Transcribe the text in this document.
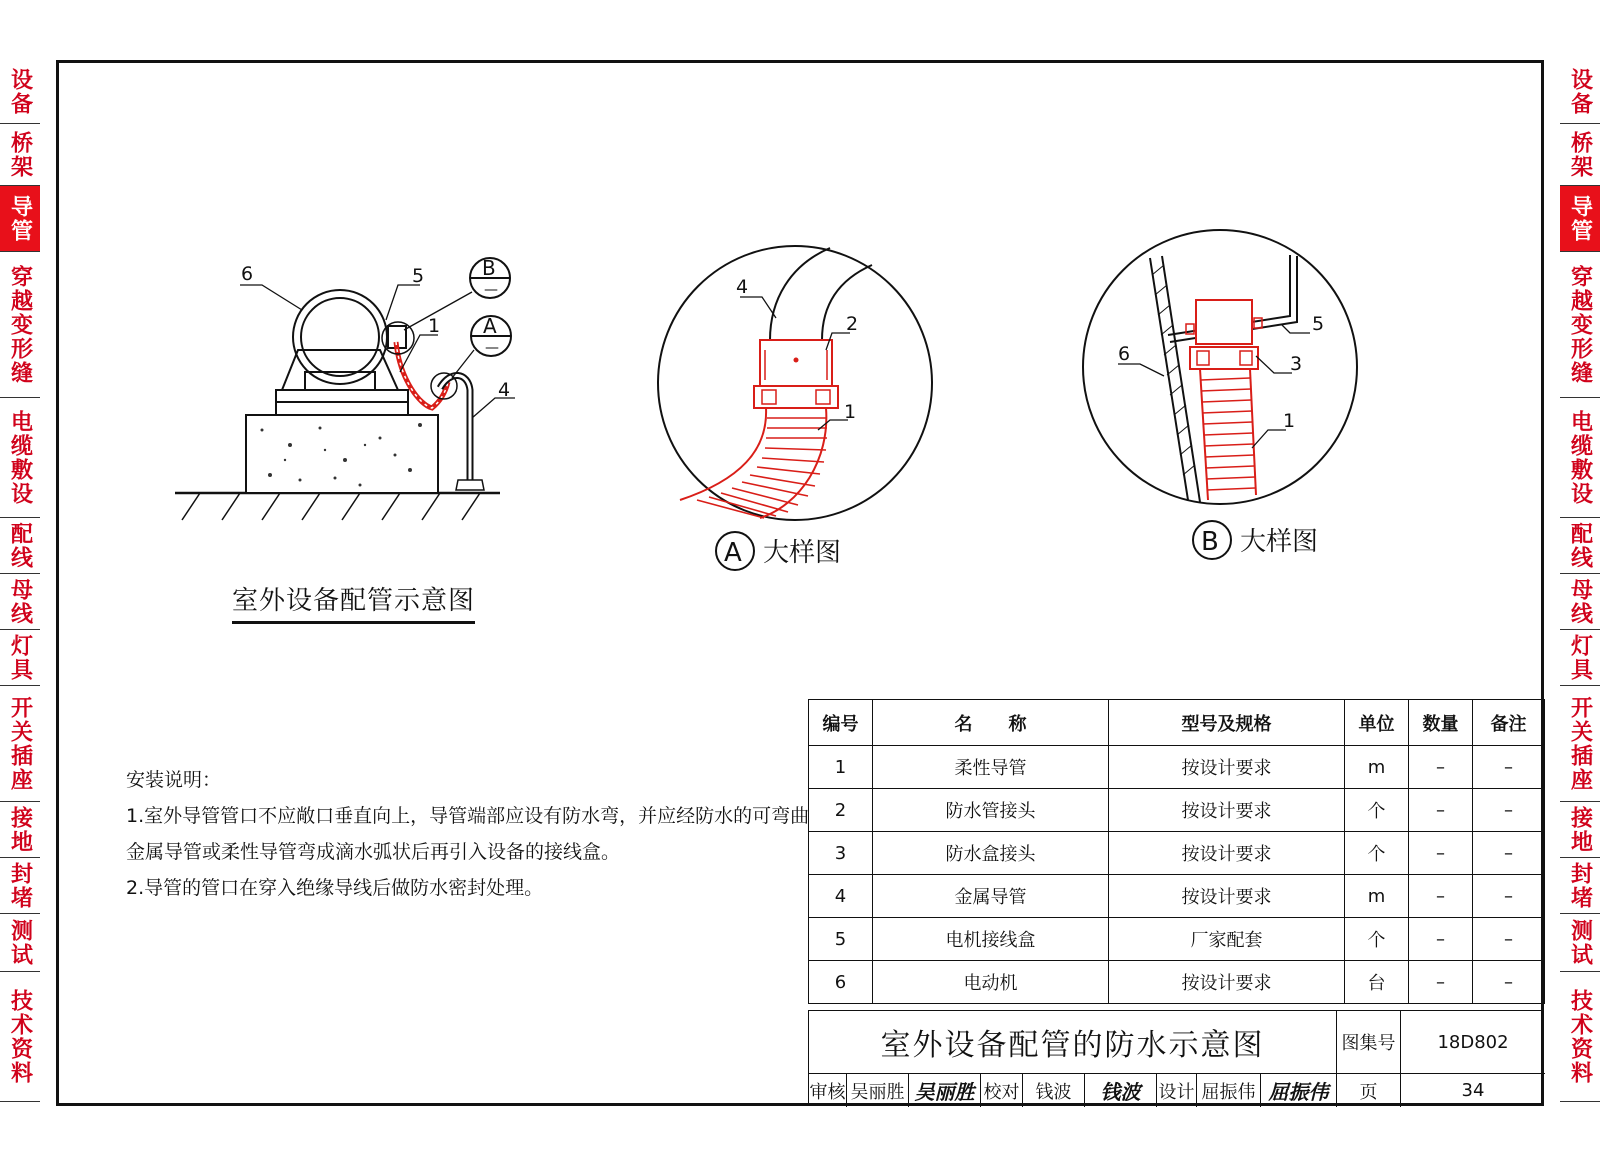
设备
桥架
导管
穿越变形缝
电缆敷设
配线
母线
灯具
开关插座
接地
封堵
测试
技术资料
设备
桥架
导管
穿越变形缝
电缆敷设
配线
母线
灯具
开关插座
接地
封堵
测试
技术资料
6	5
1
4
B
A
—
—
4
2
1
5
6	3
1
A 大样图	B 大样图
室外设备配管示意图
安装说明：
1.室外导管管口不应敞口垂直向上，导管端部应设有防水弯，并应经防水的可弯曲
金属导管或柔性导管弯成滴水弧状后再引入设备的接线盒。
2.导管的管口在穿入绝缘导线后做防水密封处理。
编号	名　　称	型号及规格	单位	数量	备注
1	柔性导管	按设计要求	m	–	–
2	防水管接头	按设计要求	个	–	–
3	防水盒接头	按设计要求	个	–	–
4	金属导管	按设计要求	m	–	–
5	电机接线盒	厂家配套	个	–	–
6	电动机	按设计要求	台	–	–
室外设备配管的防水示意图	图集号	18D802
审核 吴丽胜 吴丽胜 校对 钱波	钱波	设计 屈振伟 屈振伟	页	34
